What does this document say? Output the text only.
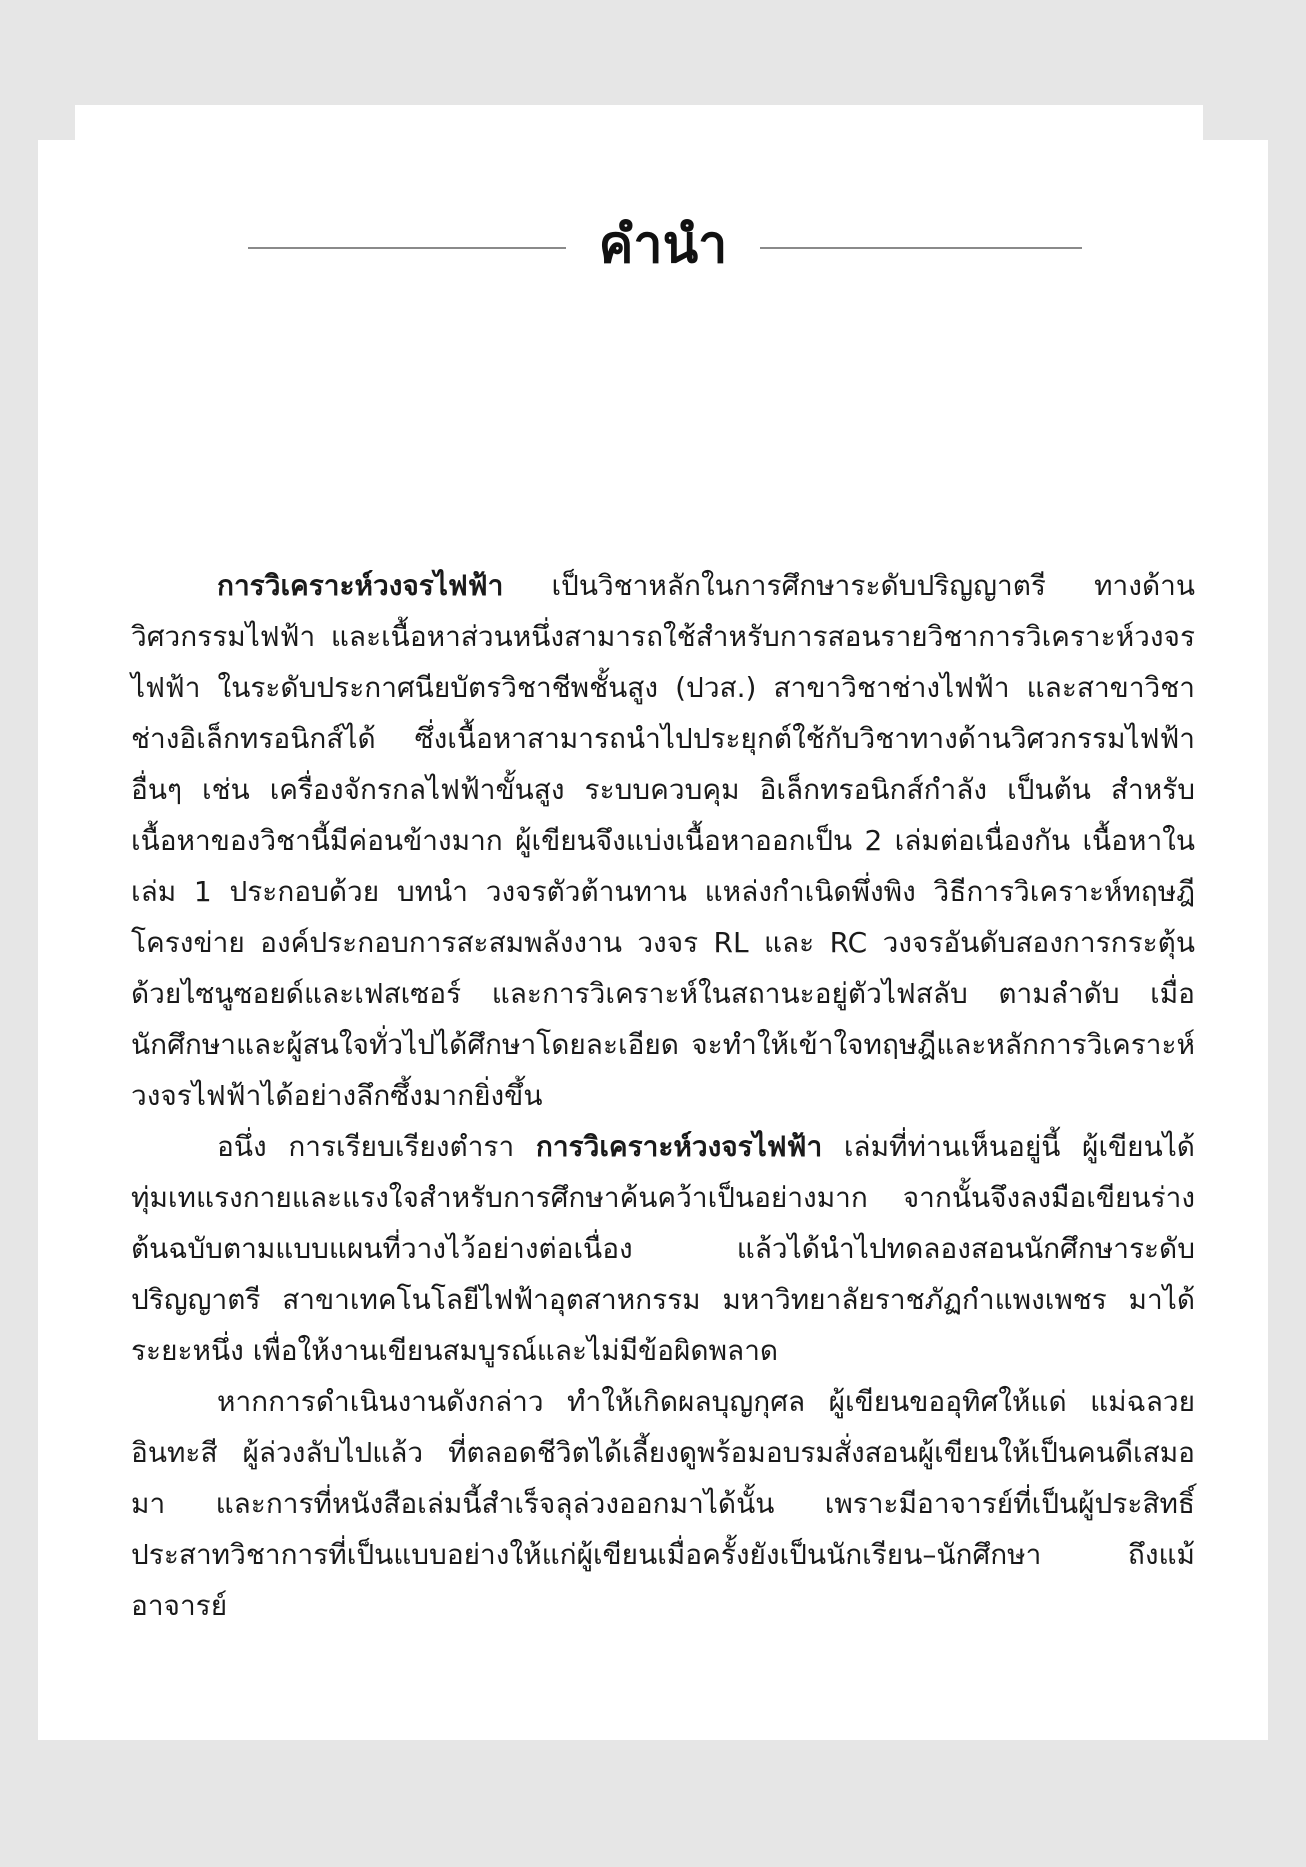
คำนำ

การวิเคราะห์วงจรไฟฟ้า เป็นวิชาหลักในการศึกษาระดับปริญญาตรี ทางด้านวิศวกรรมไฟฟ้า และเนื้อหาส่วนหนึ่งสามารถใช้สำหรับการสอนรายวิชาการวิเคราะห์วงจรไฟฟ้า ในระดับประกาศนียบัตรวิชาชีพชั้นสูง (ปวส.) สาขาวิชาช่างไฟฟ้า และสาขาวิชาช่างอิเล็กทรอนิกส์ได้ ซึ่งเนื้อหาสามารถนำไปประยุกต์ใช้กับวิชาทางด้านวิศวกรรมไฟฟ้าอื่นๆ เช่น เครื่องจักรกลไฟฟ้าขั้นสูง ระบบควบคุม อิเล็กทรอนิกส์กำลัง เป็นต้น สำหรับเนื้อหาของวิชานี้มีค่อนข้างมาก ผู้เขียนจึงแบ่งเนื้อหาออกเป็น 2 เล่มต่อเนื่องกัน เนื้อหาในเล่ม 1 ประกอบด้วย บทนำ วงจรตัวต้านทาน แหล่งกำเนิดพึ่งพิง วิธีการวิเคราะห์ทฤษฎีโครงข่าย องค์ประกอบการสะสมพลังงาน วงจร RL และ RC วงจรอันดับสองการกระตุ้นด้วยไซนูซอยด์และเฟสเซอร์ และการวิเคราะห์ในสถานะอยู่ตัวไฟสลับ ตามลำดับ เมื่อนักศึกษาและผู้สนใจทั่วไปได้ศึกษาโดยละเอียด จะทำให้เข้าใจทฤษฎีและหลักการวิเคราะห์วงจรไฟฟ้าได้อย่างลึกซึ้งมากยิ่งขึ้น

อนึ่ง การเรียบเรียงตำรา การวิเคราะห์วงจรไฟฟ้า เล่มที่ท่านเห็นอยู่นี้ ผู้เขียนได้ทุ่มเทแรงกายและแรงใจสำหรับการศึกษาค้นคว้าเป็นอย่างมาก จากนั้นจึงลงมือเขียนร่างต้นฉบับตามแบบแผนที่วางไว้อย่างต่อเนื่อง แล้วได้นำไปทดลองสอนนักศึกษาระดับปริญญาตรี สาขาเทคโนโลยีไฟฟ้าอุตสาหกรรม มหาวิทยาลัยราชภัฏกำแพงเพชร มาได้ระยะหนึ่ง เพื่อให้งานเขียนสมบูรณ์และไม่มีข้อผิดพลาด

หากการดำเนินงานดังกล่าว ทำให้เกิดผลบุญกุศล ผู้เขียนขออุทิศให้แด่ แม่ฉลวย อินทะสี ผู้ล่วงลับไปแล้ว ที่ตลอดชีวิตได้เลี้ยงดูพร้อมอบรมสั่งสอนผู้เขียนให้เป็นคนดีเสมอมา และการที่หนังสือเล่มนี้สำเร็จลุล่วงออกมาได้นั้น เพราะมีอาจารย์ที่เป็นผู้ประสิทธิ์ประสาทวิชาการที่เป็นแบบอย่างให้แก่ผู้เขียนเมื่อครั้งยังเป็นนักเรียน–นักศึกษา ถึงแม้อาจารย์
